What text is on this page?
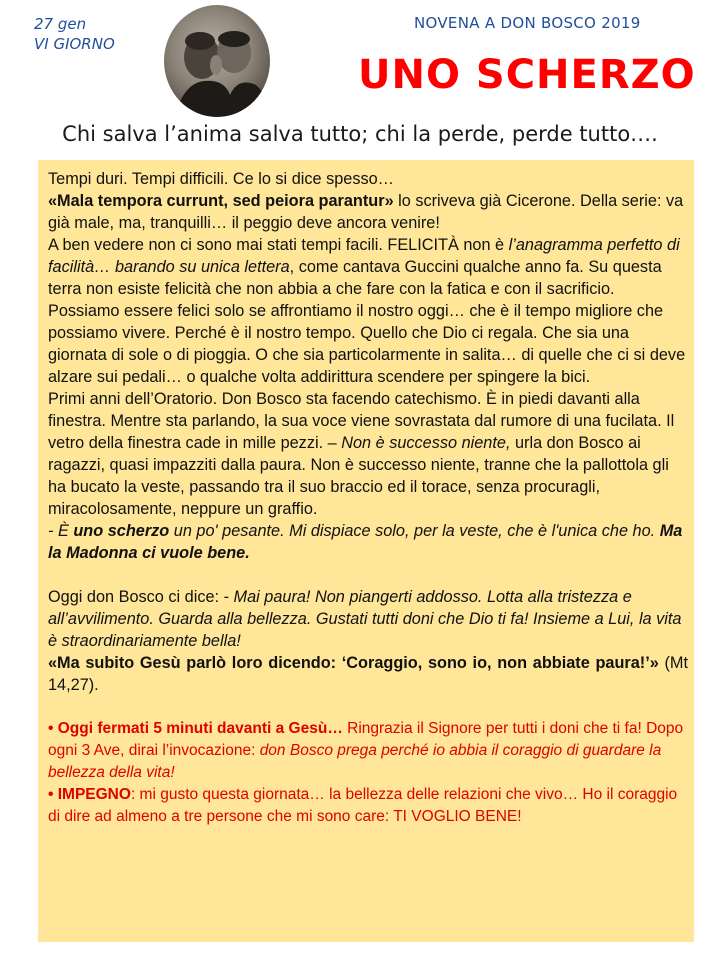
27 gen
VI GIORNO
NOVENA A DON BOSCO 2019
UNO SCHERZO
Chi salva l’anima salva tutto; chi la perde, perde tutto….

Tempi duri. Tempi difficili. Ce lo si dice spesso…

«Mala tempora currunt, sed peiora parantur» lo scriveva già Cicerone. Della serie: va già male, ma, tranquilli… il peggio deve ancora venire!

A ben vedere non ci sono mai stati tempi facili. FELICITÀ non è l’anagramma perfetto di facilità… barando su unica lettera, come cantava Guccini qualche anno fa. Su questa terra non esiste felicità che non abbia a che fare con la fatica e con il sacrificio. Possiamo essere felici solo se affrontiamo il nostro oggi… che è il tempo migliore che possiamo vivere. Perché è il nostro tempo. Quello che Dio ci regala. Che sia una giornata di sole o di pioggia. O che sia particolarmente in salita… di quelle che ci si deve alzare sui pedali… o qualche volta addirittura scendere per spingere la bici.

Primi anni dell’Oratorio. Don Bosco sta facendo catechismo. È in piedi davanti alla finestra. Mentre sta parlando, la sua voce viene sovrastata dal rumore di una fucilata. Il vetro della finestra cade in mille pezzi. – Non è successo niente, urla don Bosco ai ragazzi, quasi impazziti dalla paura. Non è successo niente, tranne che la pallottola gli ha bucato la veste, passando tra il suo braccio ed il torace, senza procuragli, miracolosamente, neppure un graffio.

- È uno scherzo un po' pesante. Mi dispiace solo, per la veste, che è l'unica che ho. Ma la Madonna ci vuole bene.

Oggi don Bosco ci dice: - Mai paura! Non piangerti addosso. Lotta alla tristezza e all’avvilimento. Guarda alla bellezza. Gustati tutti doni che Dio ti fa! Insieme a Lui, la vita è straordinariamente bella!

«Ma subito Gesù parlò loro dicendo: ‘Coraggio, sono io, non abbiate paura!’» (Mt 14,27).

• Oggi fermati 5 minuti davanti a Gesù… Ringrazia il Signore per tutti i doni che ti fa! Dopo ogni 3 Ave, dirai l’invocazione: don Bosco prega perché io abbia il coraggio di guardare la bellezza della vita!

• IMPEGNO: mi gusto questa giornata… la bellezza delle relazioni che vivo… Ho il coraggio di dire ad almeno a tre persone che mi sono care: TI VOGLIO BENE!
